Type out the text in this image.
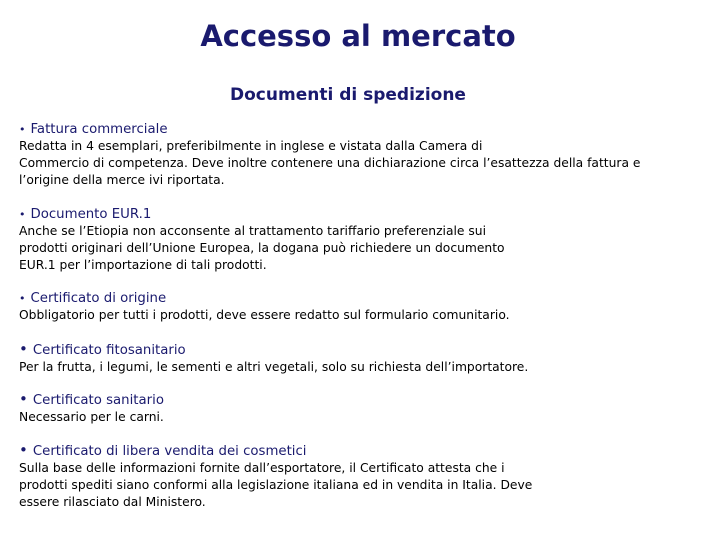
Accesso al mercato
Documenti di spedizione
• Fattura commerciale
Redatta in 4 esemplari, preferibilmente in inglese e vistata dalla Camera di
Commercio di competenza. Deve inoltre contenere una dichiarazione circa l’esattezza della fattura e
l’origine della merce ivi riportata.
• Documento EUR.1
Anche se l’Etiopia non acconsente al trattamento tariffario preferenziale sui
prodotti originari dell’Unione Europea, la dogana può richiedere un documento
EUR.1 per l’importazione di tali prodotti.
• Certificato di origine
Obbligatorio per tutti i prodotti, deve essere redatto sul formulario comunitario.
• Certificato fitosanitario
Per la frutta, i legumi, le sementi e altri vegetali, solo su richiesta dell’importatore.
• Certificato sanitario
Necessario per le carni.
• Certificato di libera vendita dei cosmetici
Sulla base delle informazioni fornite dall’esportatore, il Certificato attesta che i
prodotti spediti siano conformi alla legislazione italiana ed in vendita in Italia. Deve
essere rilasciato dal Ministero.
